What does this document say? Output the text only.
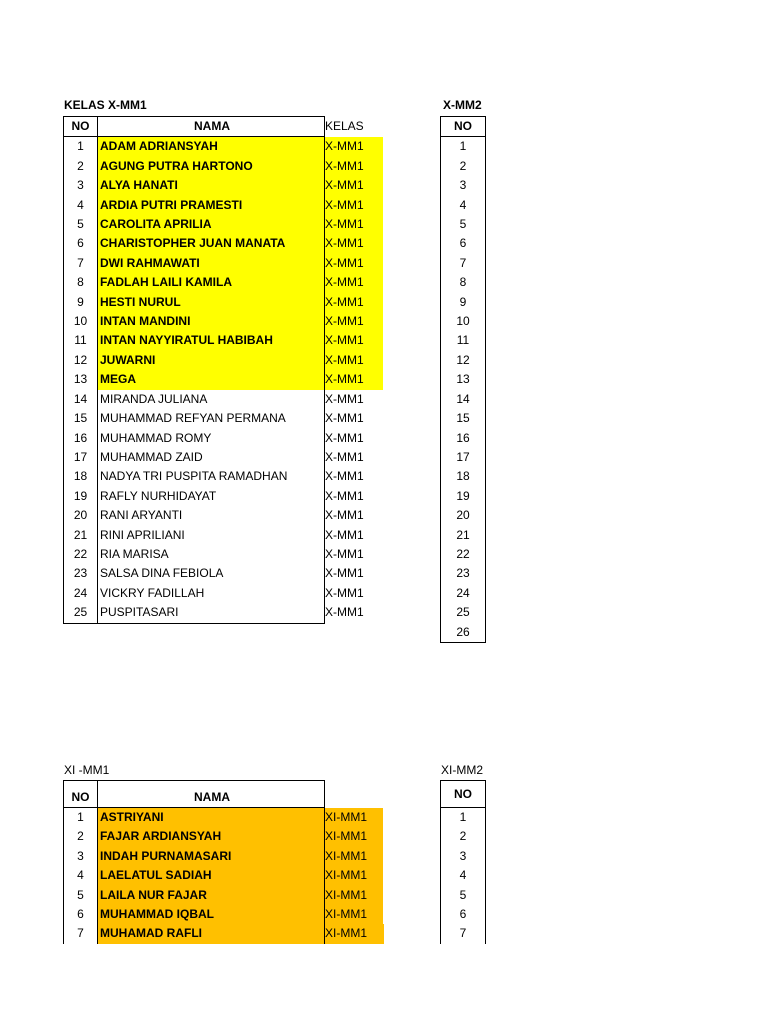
KELAS X-MM1
NO	NAMA	KELAS
1	ADAM ADRIANSYAH	X-MM1
2	AGUNG PUTRA HARTONO	X-MM1
3	ALYA HANATI	X-MM1
4	ARDIA PUTRI PRAMESTI	X-MM1
5	CAROLITA APRILIA	X-MM1
6	CHARISTOPHER JUAN MANATA	X-MM1
7	DWI RAHMAWATI	X-MM1
8	FADLAH LAILI KAMILA	X-MM1
9	HESTI NURUL	X-MM1
10	INTAN MANDINI	X-MM1
11	INTAN NAYYIRATUL HABIBAH	X-MM1
12	JUWARNI	X-MM1
13	MEGA	X-MM1
14	MIRANDA JULIANA	X-MM1
15	MUHAMMAD REFYAN PERMANA	X-MM1
16	MUHAMMAD ROMY	X-MM1
17	MUHAMMAD ZAID	X-MM1
18	NADYA TRI PUSPITA RAMADHAN	X-MM1
19	RAFLY NURHIDAYAT	X-MM1
20	RANI ARYANTI	X-MM1
21	RINI APRILIANI	X-MM1
22	RIA MARISA	X-MM1
23	SALSA DINA FEBIOLA	X-MM1
24	VICKRY FADILLAH	X-MM1
25	PUSPITASARI	X-MM1
X-MM2
NO
1
2
3
4
5
6
7
8
9
10
11
12
13
14
15
16
17
18
19
20
21
22
23
24
25
26
XI -MM1
NO	NAMA	
1	ASTRIYANI	XI-MM1
2	FAJAR ARDIANSYAH	XI-MM1
3	INDAH PURNAMASARI	XI-MM1
4	LAELATUL SADIAH	XI-MM1
5	LAILA NUR FAJAR	XI-MM1
6	MUHAMMAD IQBAL	XI-MM1
7	MUHAMAD RAFLI	XI-MM1
XI-MM2
NO
1
2
3
4
5
6
7
